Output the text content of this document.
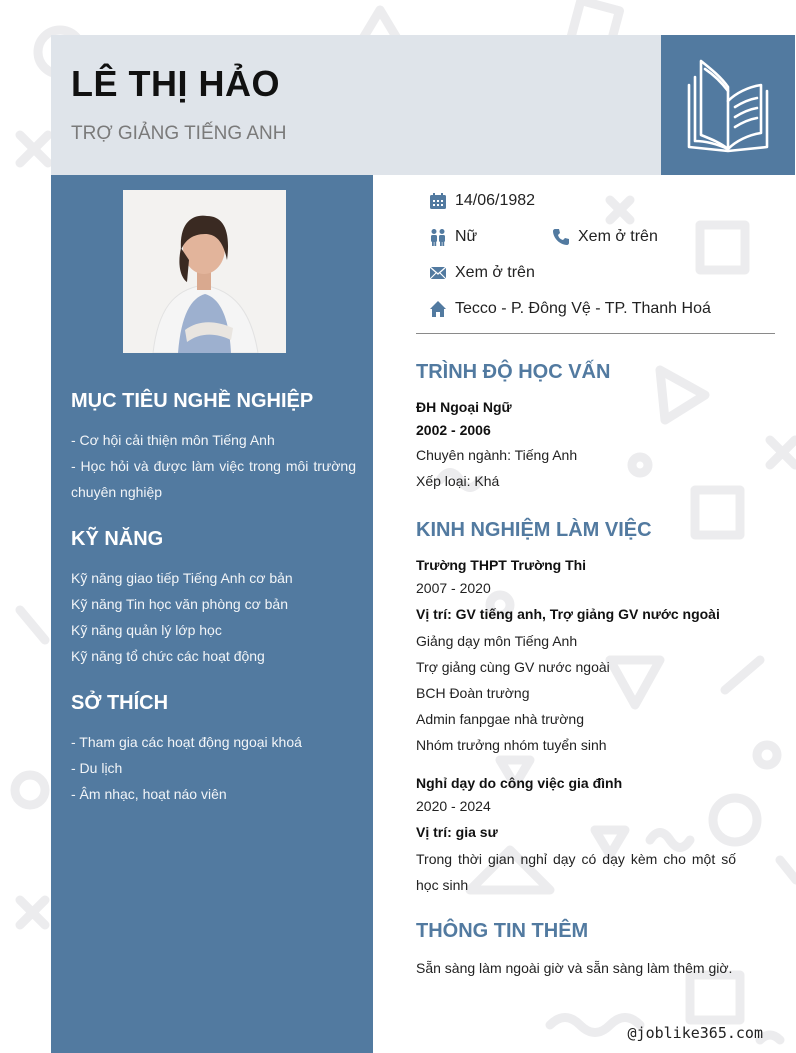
LÊ THỊ HẢO
TRỢ GIẢNG TIẾNG ANH
MỤC TIÊU NGHỀ NGHIỆP
- Cơ hội cải thiện môn Tiếng Anh
- Học hỏi và được làm việc trong môi trường chuyên nghiệp
KỸ NĂNG
Kỹ năng giao tiếp Tiếng Anh cơ bản
Kỹ năng Tin học văn phòng cơ bản
Kỹ năng quản lý lớp học
Kỹ năng tổ chức các hoạt động
SỞ THÍCH
- Tham gia các hoạt động ngoại khoá
- Du lịch
- Âm nhạc, hoạt náo viên
14/06/1982
Nữ	Xem ở trên
Xem ở trên
Tecco - P. Đông Vệ - TP. Thanh Hoá
TRÌNH ĐỘ HỌC VẤN
ĐH Ngoại Ngữ
2002 - 2006
Chuyên ngành: Tiếng Anh
Xếp loại: Khá
KINH NGHIỆM LÀM VIỆC
Trường THPT Trường Thi
2007 - 2020
Vị trí: GV tiếng anh, Trợ giảng GV nước ngoài
Giảng dạy môn Tiếng Anh
Trợ giảng cùng GV nước ngoài
BCH Đoàn trường
Admin fanpgae nhà trường
Nhóm trưởng nhóm tuyển sinh
Nghỉ dạy do công việc gia đình
2020 - 2024
Vị trí: gia sư
Trong thời gian nghỉ dạy có dạy kèm cho một số học sinh
THÔNG TIN THÊM
Sẵn sàng làm ngoài giờ và sẵn sàng làm thêm giờ.
@joblike365.com
